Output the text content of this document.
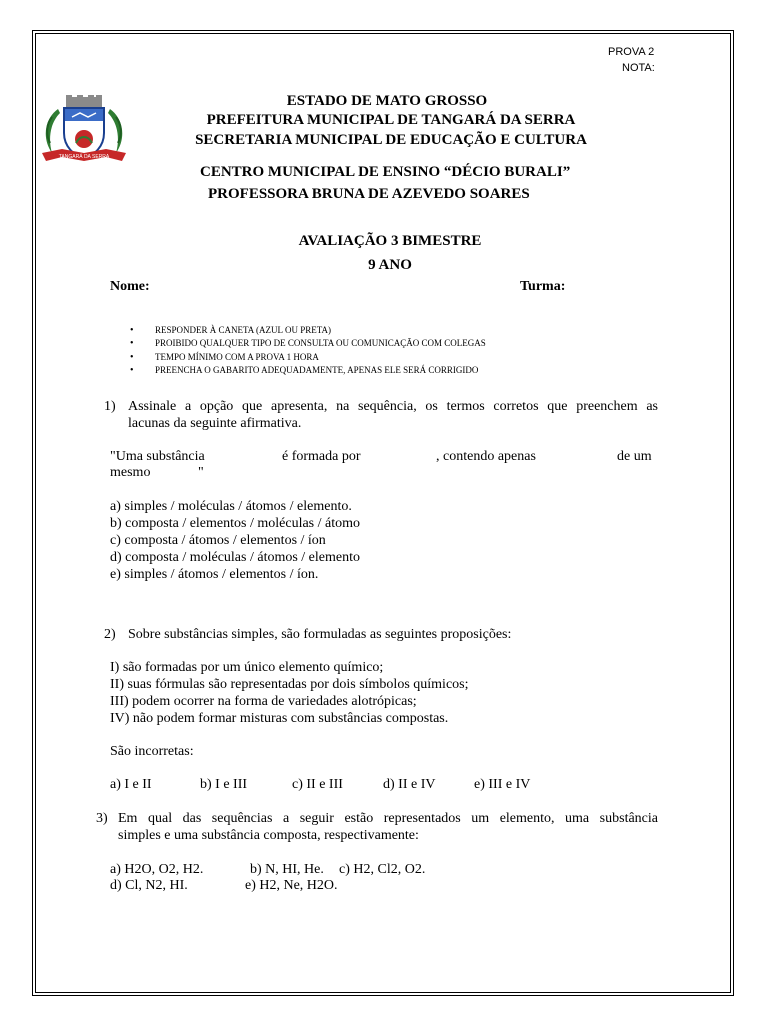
PROVA 2
NOTA:
TANGARÁ DA SERRA
ESTADO DE MATO GROSSO
PREFEITURA MUNICIPAL DE TANGARÁ DA SERRA
SECRETARIA MUNICIPAL DE EDUCAÇÃO E CULTURA
CENTRO MUNICIPAL DE ENSINO “DÉCIO BURALI”
PROFESSORA BRUNA DE AZEVEDO SOARES
AVALIAÇÃO 3 BIMESTRE
9 ANO
Nome:	Turma:
• RESPONDER À CANETA (AZUL OU PRETA)
• PROIBIDO QUALQUER TIPO DE CONSULTA OU COMUNICAÇÃO COM COLEGAS
• TEMPO MÍNIMO COM A PROVA 1 HORA
• PREENCHA O GABARITO ADEQUADAMENTE, APENAS ELE SERÁ CORRIGIDO
1) Assinale a opção que apresenta, na sequência, os termos corretos que preenchem as
lacunas da seguinte afirmativa.
"Uma substância	é formada por	, contendo apenas	de um
mesmo	"
a) simples / moléculas / átomos / elemento.
b) composta / elementos / moléculas / átomo
c) composta / átomos / elementos / íon
d) composta / moléculas / átomos / elemento
e) simples / átomos / elementos / íon.
2) Sobre substâncias simples, são formuladas as seguintes proposições:
I) são formadas por um único elemento químico;
II) suas fórmulas são representadas por dois símbolos químicos;
III) podem ocorrer na forma de variedades alotrópicas;
IV) não podem formar misturas com substâncias compostas.
São incorretas:
a) I e II	b) I e III	c) II e III	d) II e IV	e) III e IV
3) Em qual das sequências a seguir estão representados um elemento, uma substância
simples e uma substância composta, respectivamente:
a) H2O, O2, H2.	b) N, HI, He. c) H2, Cl2, O2.
d) Cl, N2, HI.	e) H2, Ne, H2O.
